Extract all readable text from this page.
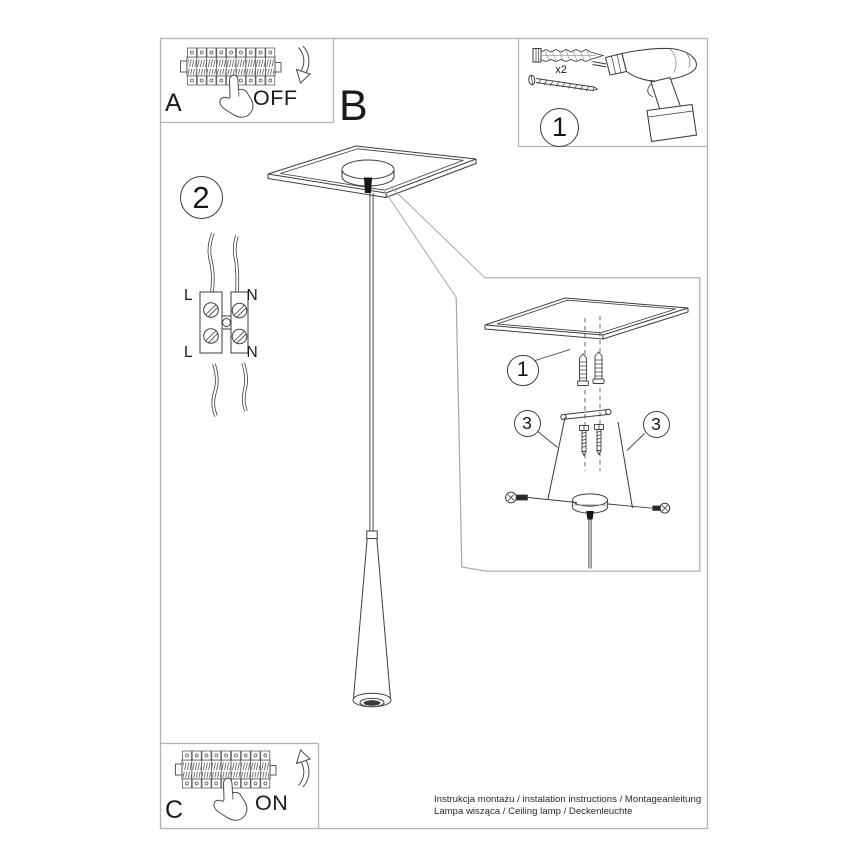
A	OFF B
2
L	N
L	N
x2
1
1
3	3
C	ON	Instrukcja montażu / instalation instructions / Montageanleitung
Lampa wisząca / Ceiling lamp / Deckenleuchte
